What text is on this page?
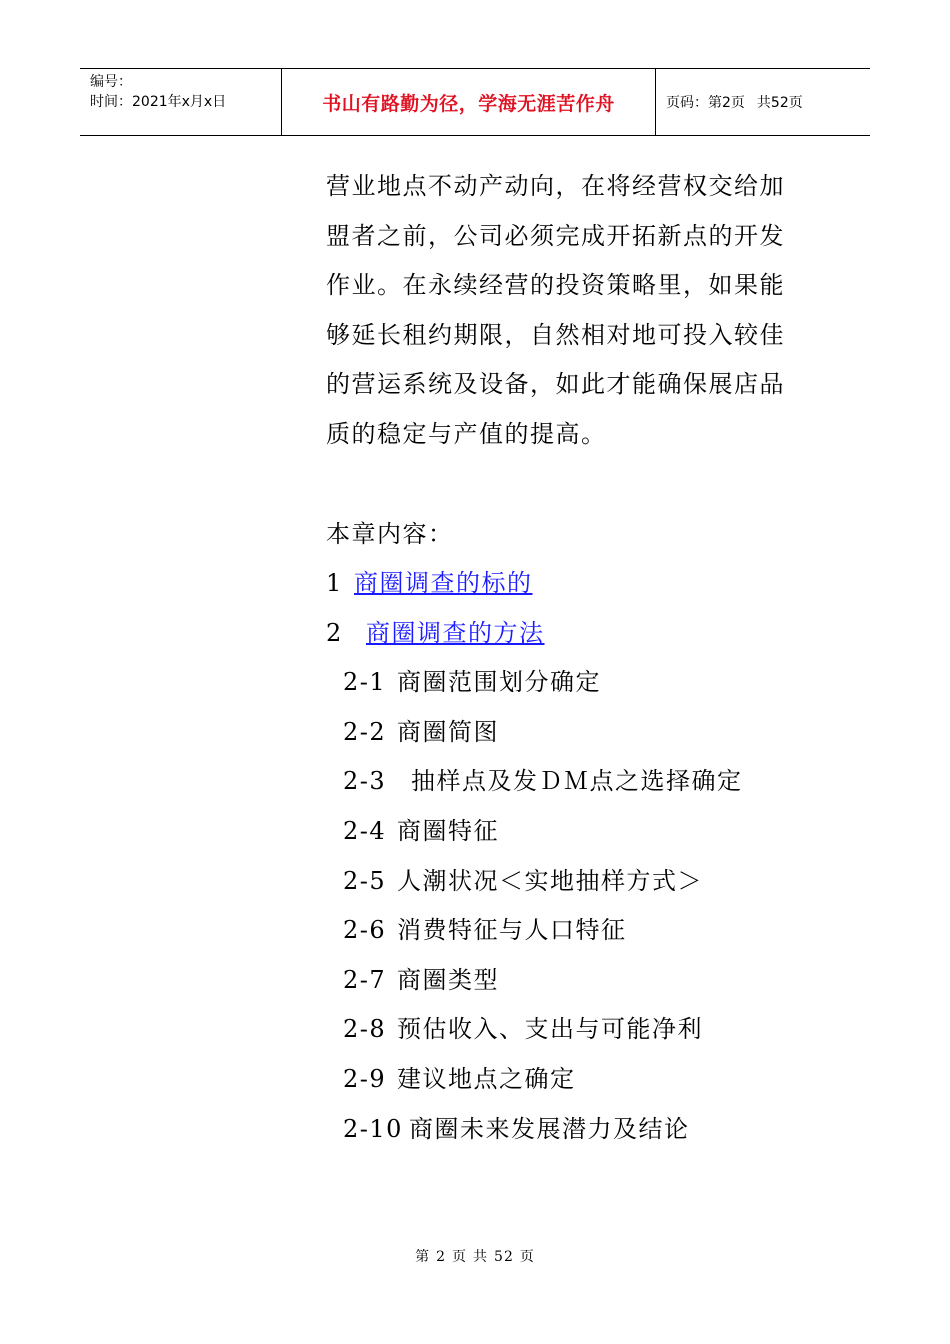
编号：
时间：2021年x月x日	书山有路勤为径，学海无涯苦作舟	页码：第2页 共52页

营业地点不动产动向，在将经营权交给加

盟者之前，公司必须完成开拓新点的开发

作业。在永续经营的投资策略里，如果能

够延长租约期限，自然相对地可投入较佳

的营运系统及设备，如此才能确保展店品

质的稳定与产值的提高。

本章内容：
1 商圈调查的标的
2 商圈调查的方法
2-1 商圈范围划分确定
2-2 商圈简图
2-3 抽样点及发ＤＭ点之选择确定
2-4 商圈特征
2-5 人潮状况＜实地抽样方式＞
2-6 消费特征与人口特征
2-7 商圈类型
2-8 预估收入、支出与可能净利
2-9 建议地点之确定
2-10 商圈未来发展潜力及结论
第 2 页 共 52 页
